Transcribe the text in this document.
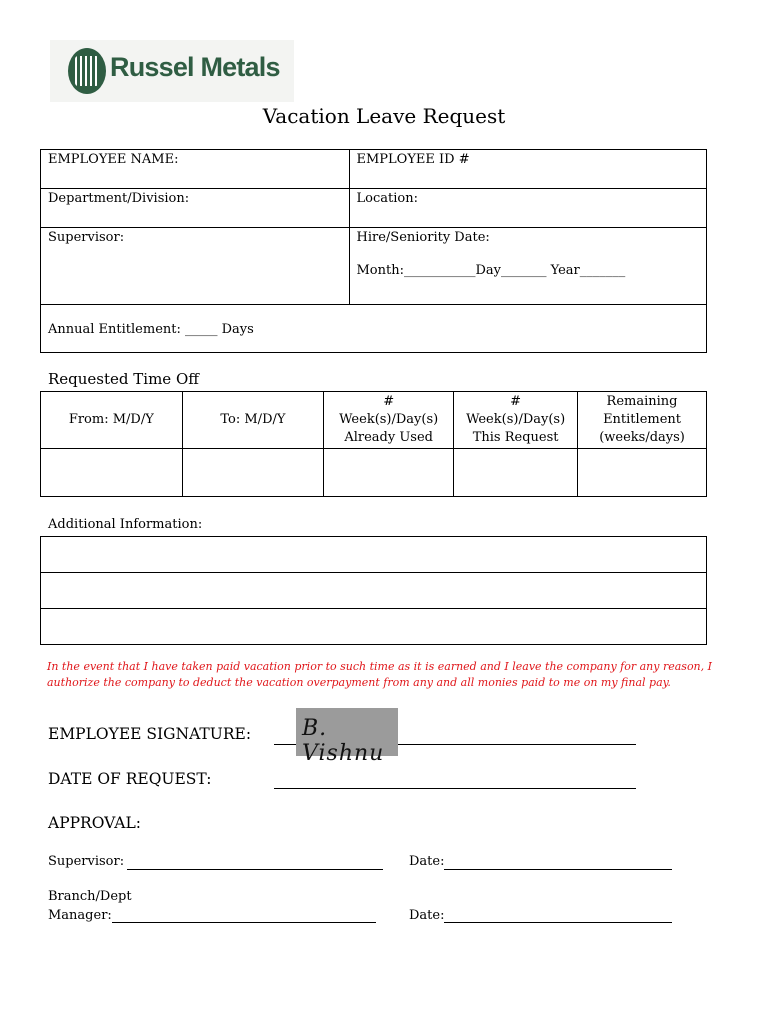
Russel Metals
Vacation Leave Request
EMPLOYEE NAME:	EMPLOYEE ID #
Department/Division:	Location:
Supervisor:	Hire/Seniority Date:
Month:___________Day_______ Year_______

Annual Entitlement: _____ Days	
Requested Time Off
From: M/D/Y	To: M/D/Y	# Week(s)/Day(s) Already Used	# Week(s)/Day(s) This Request	Remaining Entitlement (weeks/days)

Additional Information:

In the event that I have taken paid vacation prior to such time as it is earned and I leave the company for any reason, I authorize the company to deduct the vacation overpayment from any and all monies paid to me on my final pay.
EMPLOYEE SIGNATURE: B. Vishnu
DATE OF REQUEST:
APPROVAL:
Supervisor:	Date:
Branch/Dept
Manager:	Date:
